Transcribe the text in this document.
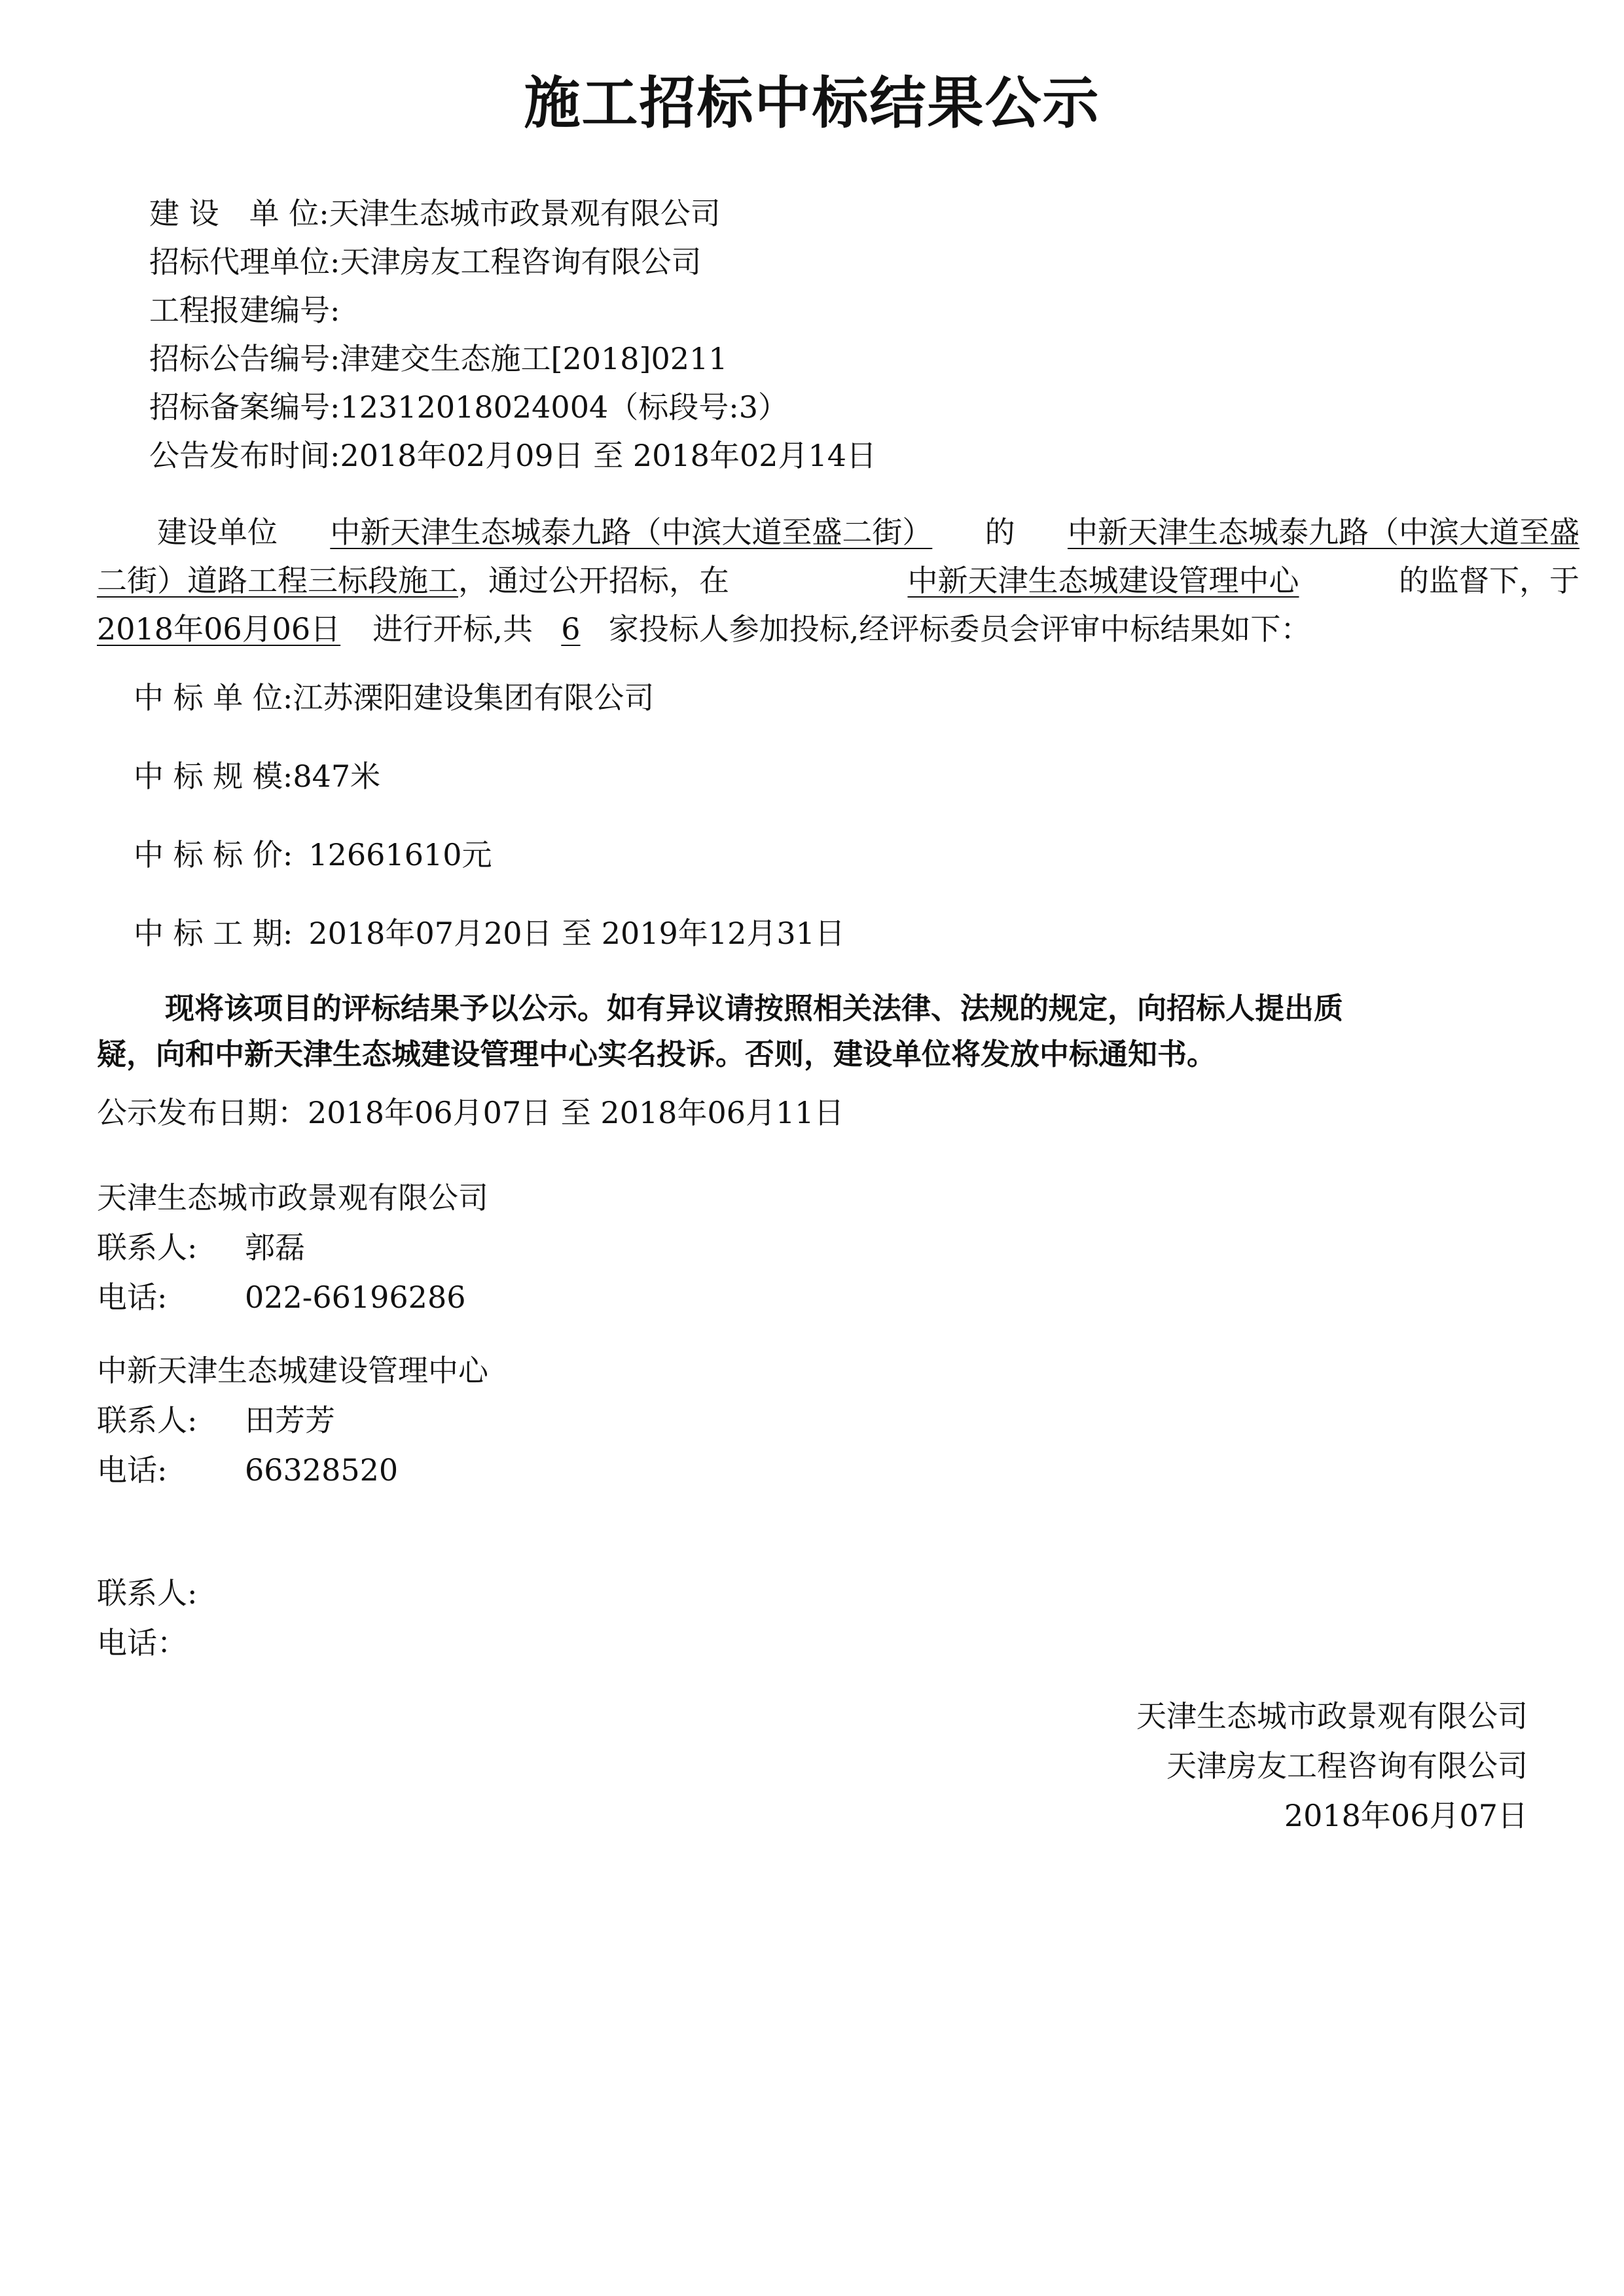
施工招标中标结果公示
建 设　单 位:天津生态城市政景观有限公司
招标代理单位:天津房友工程咨询有限公司
工程报建编号:
招标公告编号:津建交生态施工[2018]0211
招标备案编号:12312018024004（标段号:3）
公告发布时间:2018年02月09日 至 2018年02月14日
建设单位 中新天津生态城泰九路（中滨大道至盛二街） 的 中新天津生态城泰九路（中滨大道至盛
二街）道路工程三标段施工，通过公开招标，在	中新天津生态城建设管理中心	的监督下，于
2018年06月06日 进行开标,共 6 家投标人参加投标,经评标委员会评审中标结果如下：
中 标 单 位:江苏溧阳建设集团有限公司
中 标 规 模:847米
中 标 标 价: 12661610元
中 标 工 期: 2018年07月20日 至 2019年12月31日
现将该项目的评标结果予以公示。如有异议请按照相关法律、法规的规定，向招标人提出质
疑，向和中新天津生态城建设管理中心实名投诉。否则，建设单位将发放中标通知书。
公示发布日期：2018年06月07日 至 2018年06月11日
天津生态城市政景观有限公司
联系人: 郭磊
电话:	022-66196286
中新天津生态城建设管理中心
联系人: 田芳芳
电话:	66328520
联系人:
电话：
天津生态城市政景观有限公司
天津房友工程咨询有限公司
2018年06月07日
